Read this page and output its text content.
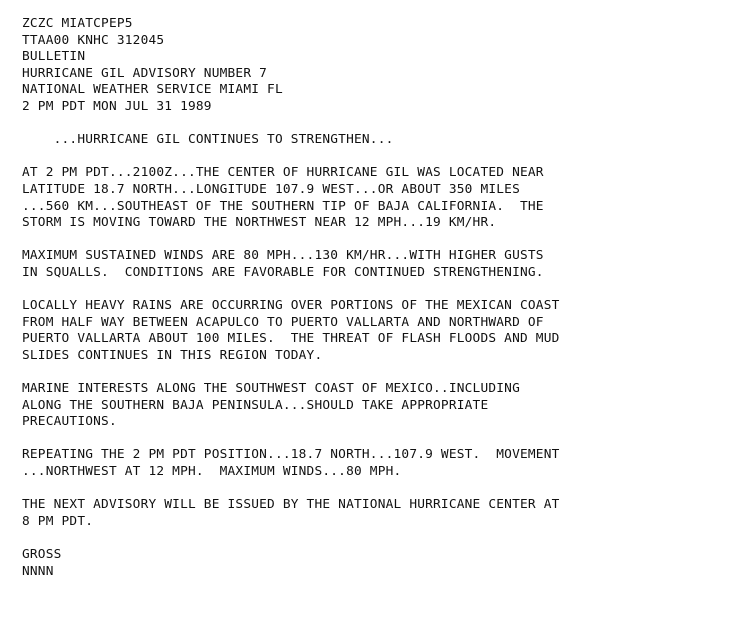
ZCZC MIATCPEP5
TTAA00 KNHC 312045
BULLETIN
HURRICANE GIL ADVISORY NUMBER 7
NATIONAL WEATHER SERVICE MIAMI FL
2 PM PDT MON JUL 31 1989
...HURRICANE GIL CONTINUES TO STRENGTHEN...
AT 2 PM PDT...2100Z...THE CENTER OF HURRICANE GIL WAS LOCATED NEAR
LATITUDE 18.7 NORTH...LONGITUDE 107.9 WEST...OR ABOUT 350 MILES
...560 KM...SOUTHEAST OF THE SOUTHERN TIP OF BAJA CALIFORNIA.  THE
STORM IS MOVING TOWARD THE NORTHWEST NEAR 12 MPH...19 KM/HR.
MAXIMUM SUSTAINED WINDS ARE 80 MPH...130 KM/HR...WITH HIGHER GUSTS
IN SQUALLS.  CONDITIONS ARE FAVORABLE FOR CONTINUED STRENGTHENING.
LOCALLY HEAVY RAINS ARE OCCURRING OVER PORTIONS OF THE MEXICAN COAST
FROM HALF WAY BETWEEN ACAPULCO TO PUERTO VALLARTA AND NORTHWARD OF
PUERTO VALLARTA ABOUT 100 MILES.  THE THREAT OF FLASH FLOODS AND MUD
SLIDES CONTINUES IN THIS REGION TODAY.
MARINE INTERESTS ALONG THE SOUTHWEST COAST OF MEXICO..INCLUDING
ALONG THE SOUTHERN BAJA PENINSULA...SHOULD TAKE APPROPRIATE
PRECAUTIONS.
REPEATING THE 2 PM PDT POSITION...18.7 NORTH...107.9 WEST.  MOVEMENT
...NORTHWEST AT 12 MPH.  MAXIMUM WINDS...80 MPH.
THE NEXT ADVISORY WILL BE ISSUED BY THE NATIONAL HURRICANE CENTER AT
8 PM PDT.
GROSS
NNNN
